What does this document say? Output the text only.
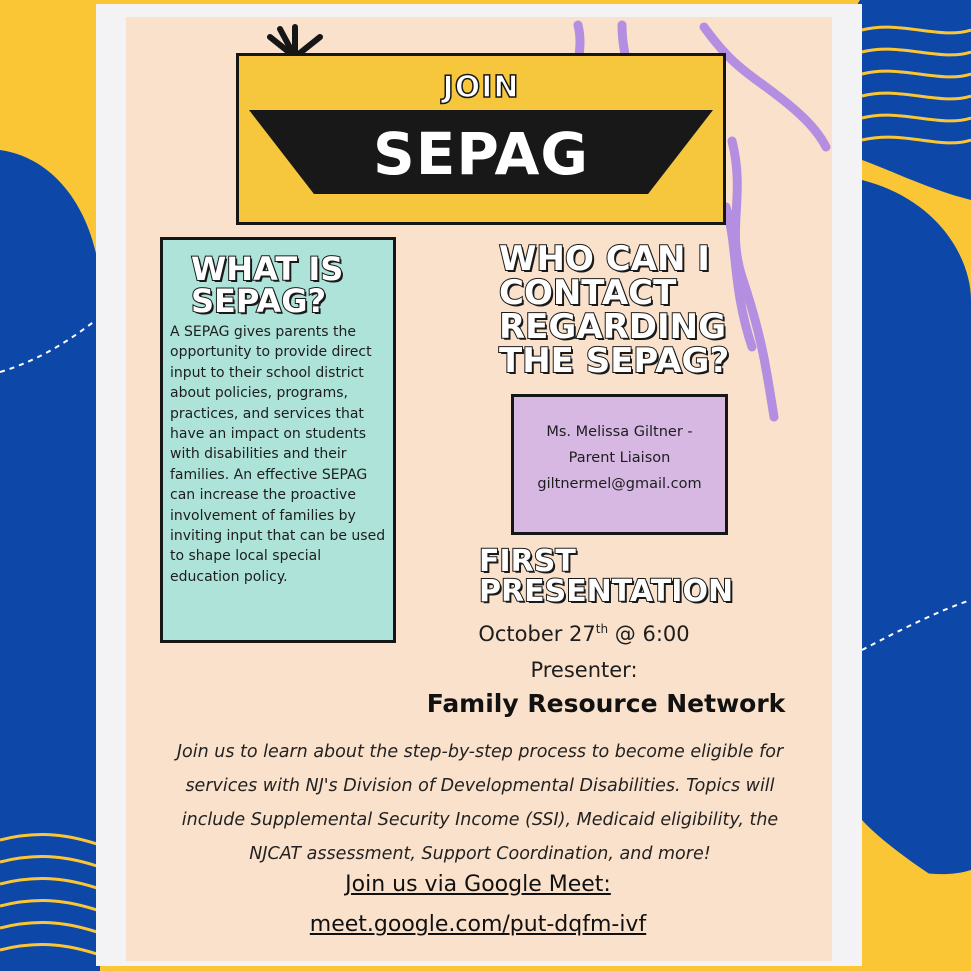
JOIN
SEPAG
WHAT IS
SEPAG?
A SEPAG gives parents the opportunity to provide direct input to their school district about policies, programs, practices, and services that have an impact on students with disabilities and their families. An effective SEPAG can increase the proactive involvement of families by inviting input that can be used to shape local special education policy.
WHO CAN I
CONTACT
REGARDING
THE SEPAG?
Ms. Melissa Giltner -
Parent Liaison
giltnermel@gmail.com
FIRST
PRESENTATION
October 27th @ 6:00
Presenter:
Family Resource Network
Join us to learn about the step-by-step process to become eligible for
services with NJ's Division of Developmental Disabilities. Topics will
include Supplemental Security Income (SSI), Medicaid eligibility, the
NJCAT assessment, Support Coordination, and more!
Join us via Google Meet:
meet.google.com/put-dqfm-ivf
